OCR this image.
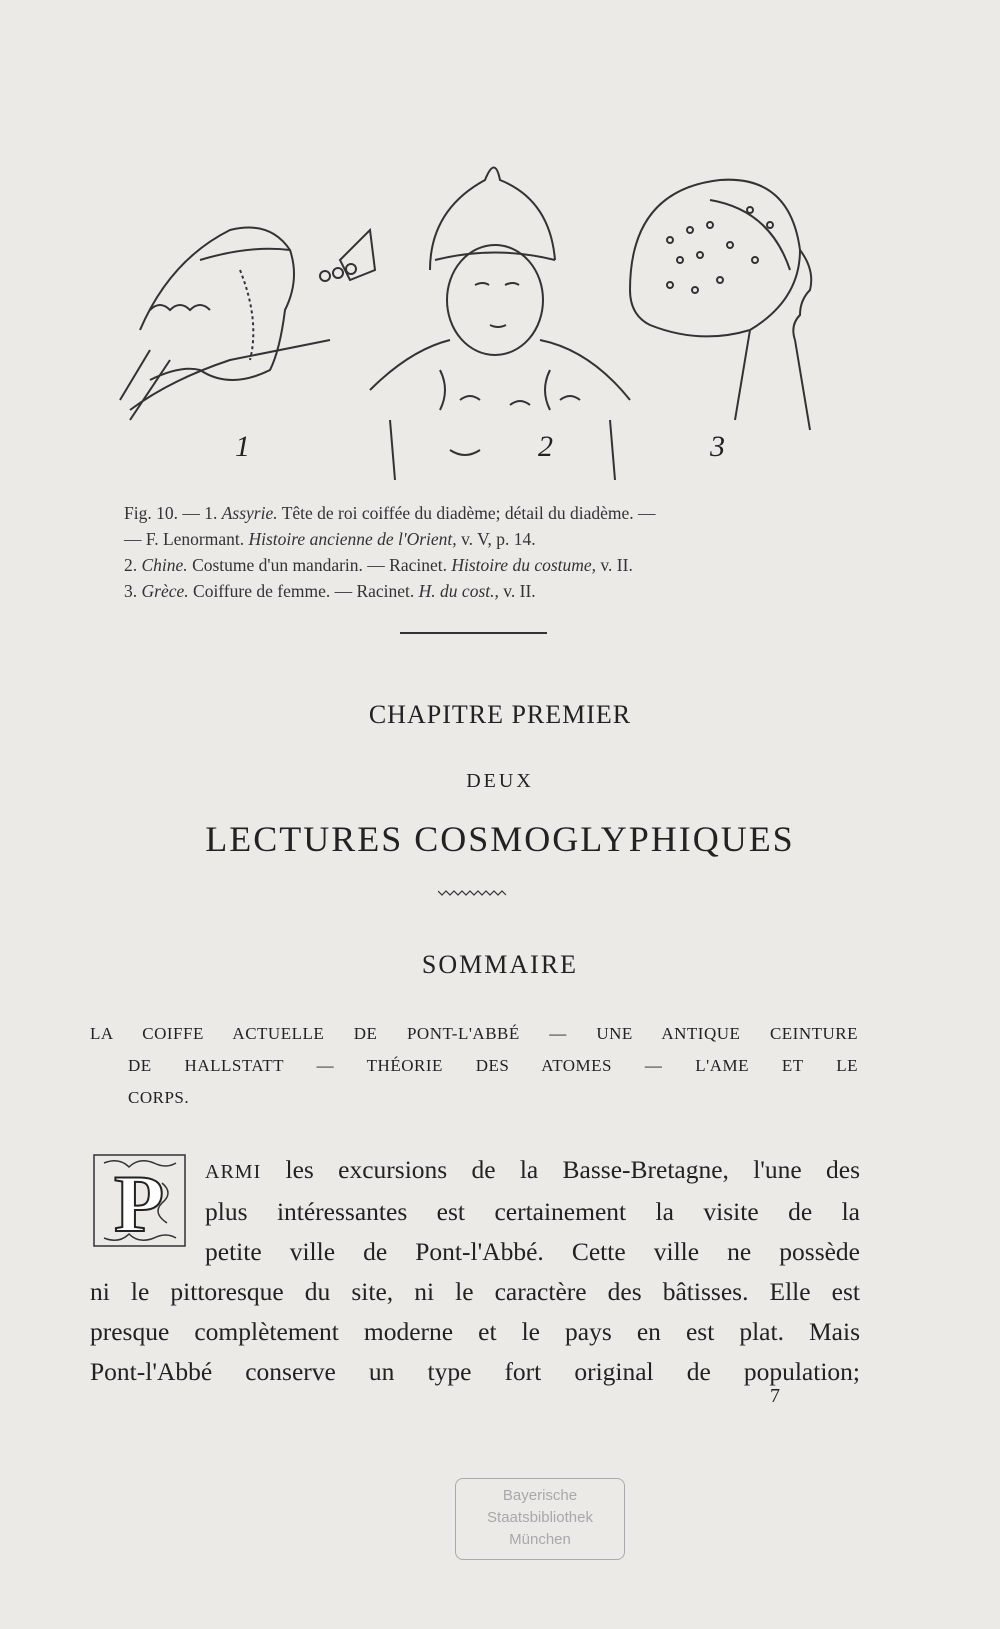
1	2	3
Fig. 10. — 1. Assyrie. Tête de roi coiffée du diadème; détail du diadème. —
— F. Lenormant. Histoire ancienne de l'Orient, v. V, p. 14.
2. Chine. Costume d'un mandarin. — Racinet. Histoire du costume, v. II.
3. Grèce. Coiffure de femme. — Racinet. H. du cost., v. II.
CHAPITRE PREMIER
DEUX
LECTURES COSMOGLYPHIQUES
SOMMAIRE
LA COIFFE ACTUELLE DE PONT-L'ABBÉ — UNE ANTIQUE CEINTURE
DE HALLSTATT — THÉORIE DES ATOMES — L'AME ET LE
CORPS.
P	ARMI les excursions de la Basse-Bretagne, l'une des
plus intéressantes est certainement la visite de la
petite ville de Pont-l'Abbé. Cette ville ne possède
ni le pittoresque du site, ni le caractère des bâtisses. Elle est
presque complètement moderne et le pays en est plat. Mais
Pont-l'Abbé conserve un type fort original de population;
7
Bayerische
Staatsbibliothek
München
